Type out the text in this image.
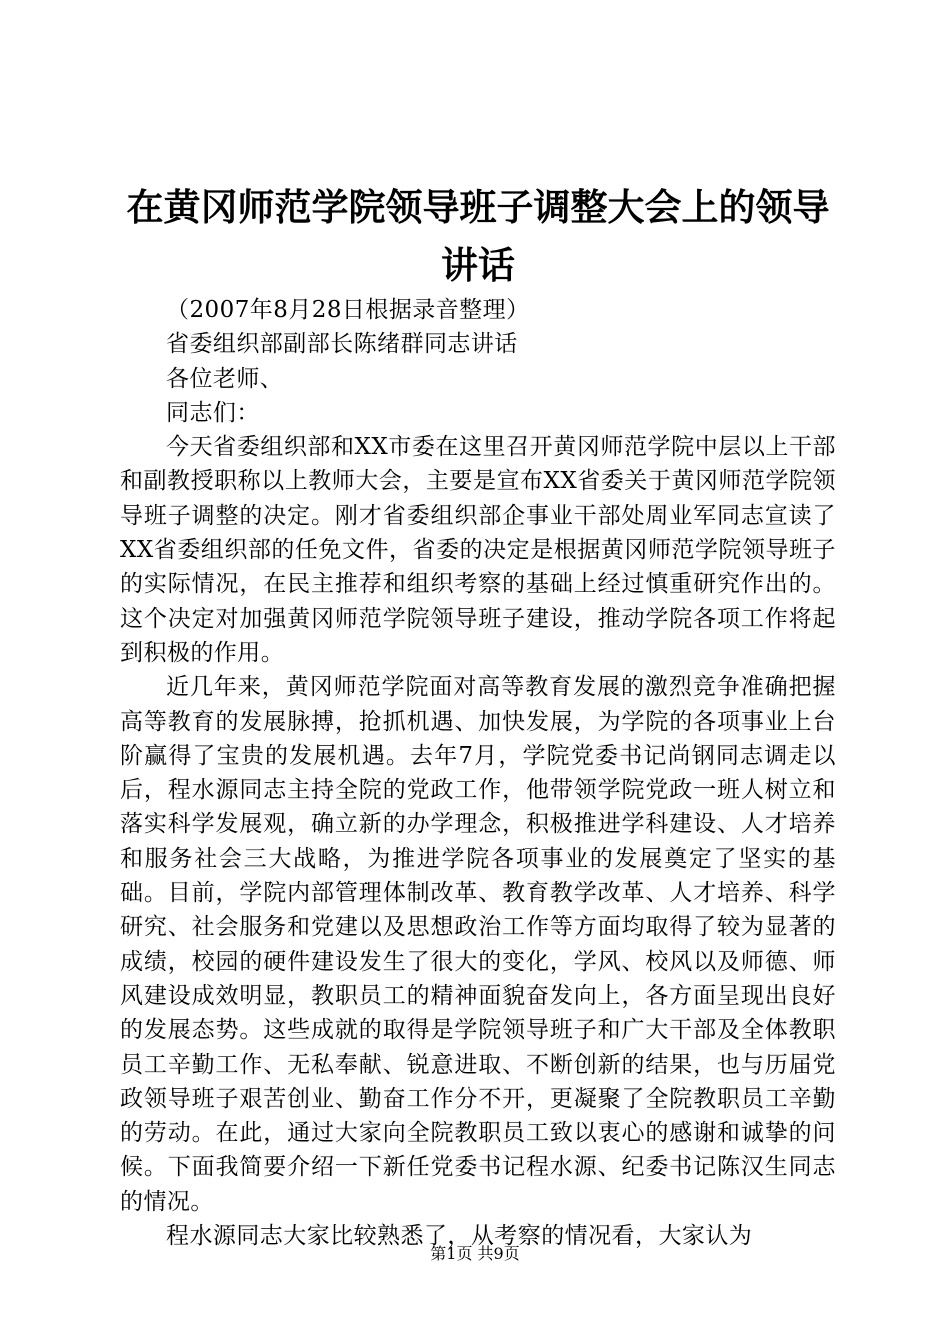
在黄冈师范学院领导班子调整大会上的领导讲话

（2007年8月28日根据录音整理）

省委组织部副部长陈绪群同志讲话

各位老师、

同志们：

今天省委组织部和XX市委在这里召开黄冈师范学院中层以上干部和副教授职称以上教师大会，主要是宣布XX省委关于黄冈师范学院领导班子调整的决定。刚才省委组织部企事业干部处周业军同志宣读了XX省委组织部的任免文件，省委的决定是根据黄冈师范学院领导班子的实际情况，在民主推荐和组织考察的基础上经过慎重研究作出的。这个决定对加强黄冈师范学院领导班子建设，推动学院各项工作将起到积极的作用。

近几年来，黄冈师范学院面对高等教育发展的激烈竞争准确把握高等教育的发展脉搏，抢抓机遇、加快发展，为学院的各项事业上台阶赢得了宝贵的发展机遇。去年7月，学院党委书记尚钢同志调走以后，程水源同志主持全院的党政工作，他带领学院党政一班人树立和落实科学发展观，确立新的办学理念，积极推进学科建设、人才培养和服务社会三大战略，为推进学院各项事业的发展奠定了坚实的基础。目前，学院内部管理体制改革、教育教学改革、人才培养、科学研究、社会服务和党建以及思想政治工作等方面均取得了较为显著的成绩，校园的硬件建设发生了很大的变化，学风、校风以及师德、师风建设成效明显，教职员工的精神面貌奋发向上，各方面呈现出良好的发展态势。这些成就的取得是学院领导班子和广大干部及全体教职员工辛勤工作、无私奉献、锐意进取、不断创新的结果，也与历届党政领导班子艰苦创业、勤奋工作分不开，更凝聚了全院教职员工辛勤的劳动。在此，通过大家向全院教职员工致以衷心的感谢和诚挚的问候。下面我简要介绍一下新任党委书记程水源、纪委书记陈汉生同志的情况。

程水源同志大家比较熟悉了，从考察的情况看，大家认为

第1页 共9页
